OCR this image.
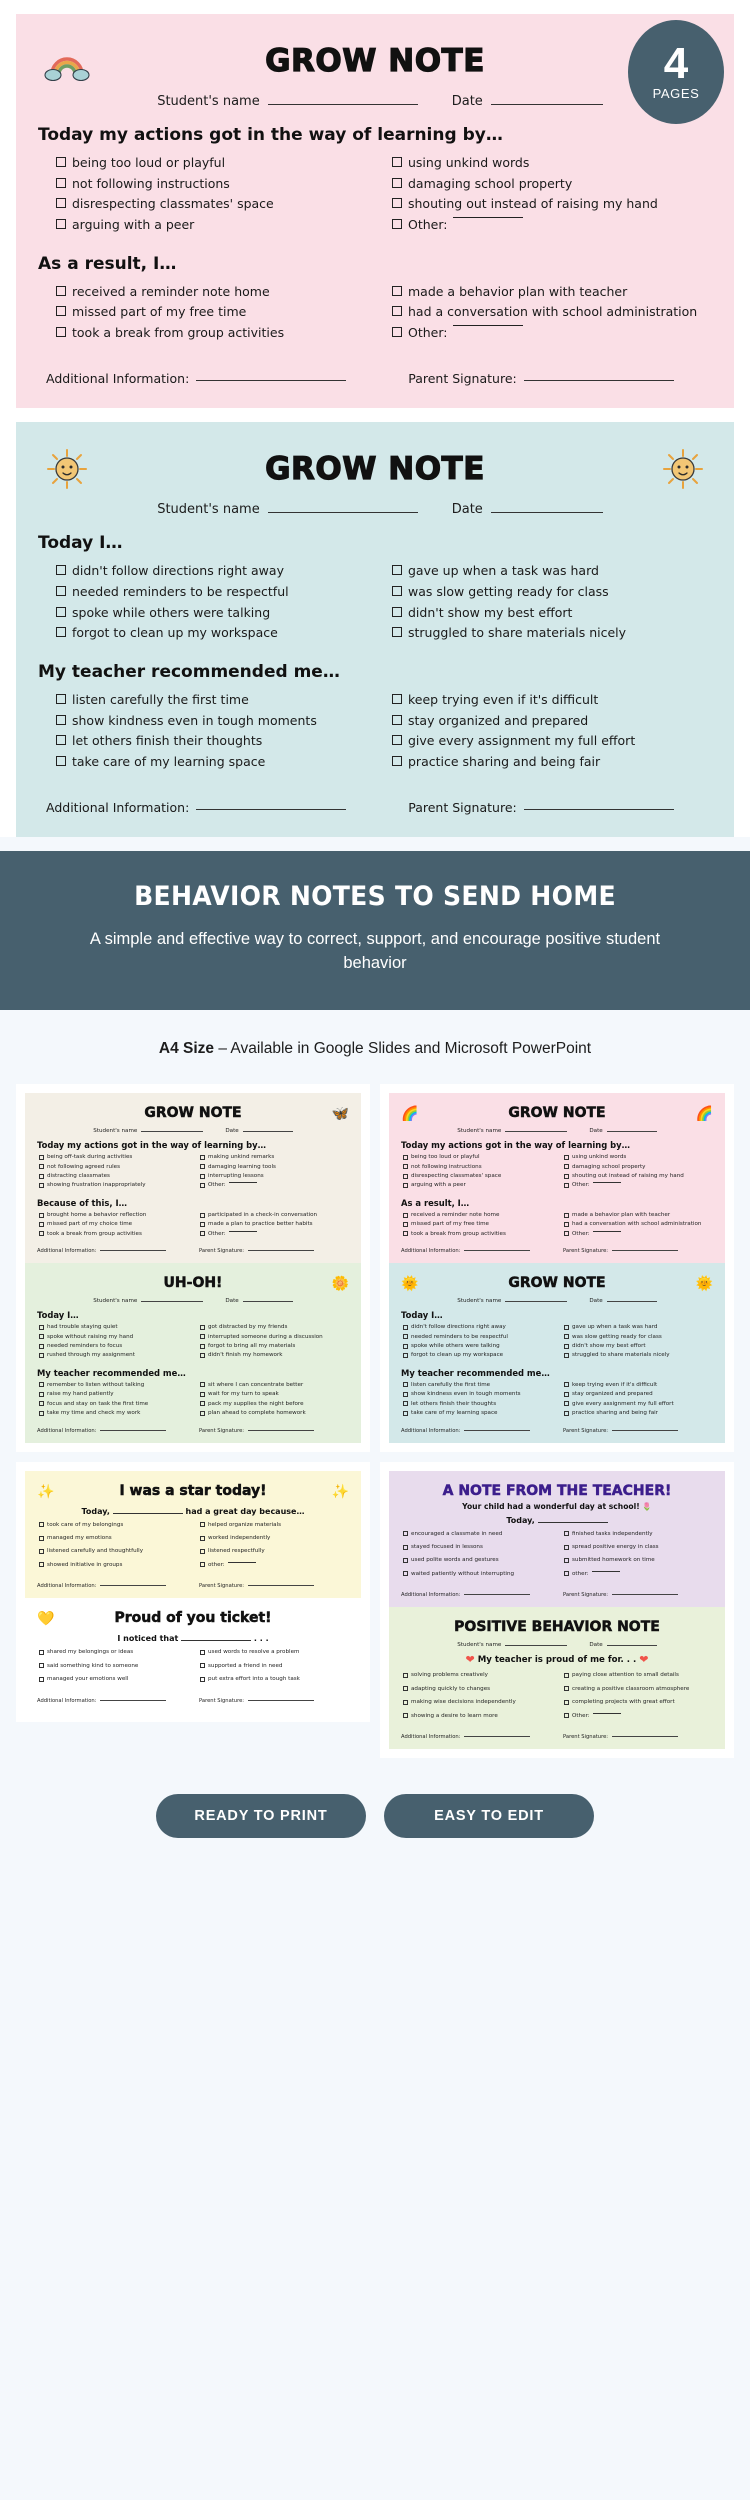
4
PAGES
GROW NOTE
Student's name	Date
Today my actions got in the way of learning by…
being too loud or playful
not following instructions
disrespecting classmates' space
arguing with a peer
using unkind words
damaging school property
shouting out instead of raising my hand
Other:
As a result, I…
received a reminder note home
missed part of my free time
took a break from group activities
made a behavior plan with teacher
had a conversation with school administration
Other:
Additional Information:	Parent Signature:
GROW NOTE
Student's name	Date
Today I…
didn't follow directions right away
needed reminders to be respectful
spoke while others were talking
forgot to clean up my workspace
gave up when a task was hard
was slow getting ready for class
didn't show my best effort
struggled to share materials nicely
My teacher recommended me…
listen carefully the first time
show kindness even in tough moments
let others finish their thoughts
take care of my learning space
keep trying even if it's difficult
stay organized and prepared
give every assignment my full effort
practice sharing and being fair
Additional Information:	Parent Signature:
BEHAVIOR NOTES TO SEND HOME

A simple and effective way to correct, support, and encourage positive student behavior

A4 Size – Available in Google Slides and Microsoft PowerPoint
GROW NOTE	🦋
Student's name	Date
Today my actions got in the way of learning by…
being off-task during activities
not following agreed rules
distracting classmates
showing frustration inappropriately
making unkind remarks
damaging learning tools
interrupting lessons
Other:
Because of this, I…
brought home a behavior reflection
missed part of my choice time
took a break from group activities
participated in a check-in conversation
made a plan to practice better habits
Other:
Additional Information:	Parent Signature:
UH-OH!	🌼
Student's name	Date
Today I…
had trouble staying quiet
spoke without raising my hand
needed reminders to focus
rushed through my assignment
got distracted by my friends
interrupted someone during a discussion
forgot to bring all my materials
didn't finish my homework
My teacher recommended me…
remember to listen without talking
raise my hand patiently
focus and stay on task the first time
take my time and check my work
sit where I can concentrate better
wait for my turn to speak
pack my supplies the night before
plan ahead to complete homework
Additional Information:	Parent Signature:
✨	I was a star today!	✨
Today,	had a great day because…
took care of my belongings
managed my emotions
listened carefully and thoughtfully
showed initiative in groups
helped organize materials
worked independently
listened respectfully
other:
Additional Information:	Parent Signature:
💛	Proud of you ticket!
I noticed that	. . .
shared my belongings or ideas
said something kind to someone
managed your emotions well
used words to resolve a problem
supported a friend in need
put extra effort into a tough task
Additional Information:	Parent Signature:
🌈	GROW NOTE	🌈
Student's name	Date
Today my actions got in the way of learning by…
being too loud or playful
not following instructions
disrespecting classmates' space
arguing with a peer
using unkind words
damaging school property
shouting out instead of raising my hand
Other:
As a result, I…
received a reminder note home
missed part of my free time
took a break from group activities
made a behavior plan with teacher
had a conversation with school administration
Other:
Additional Information:	Parent Signature:
🌞	GROW NOTE	🌞
Student's name	Date
Today I…
didn't follow directions right away
needed reminders to be respectful
spoke while others were talking
forgot to clean up my workspace
gave up when a task was hard
was slow getting ready for class
didn't show my best effort
struggled to share materials nicely
My teacher recommended me…
listen carefully the first time
show kindness even in tough moments
let others finish their thoughts
take care of my learning space
keep trying even if it's difficult
stay organized and prepared
give every assignment my full effort
practice sharing and being fair
Additional Information:	Parent Signature:
A NOTE FROM THE TEACHER!
Your child had a wonderful day at school! 🌷
Today,
encouraged a classmate in need
stayed focused in lessons
used polite words and gestures
waited patiently without interrupting
finished tasks independently
spread positive energy in class
submitted homework on time
other:
Additional Information:	Parent Signature:
POSITIVE BEHAVIOR NOTE
Student's name	Date
❤ My teacher is proud of me for. . . ❤
solving problems creatively
adapting quickly to changes
making wise decisions independently
showing a desire to learn more
paying close attention to small details
creating a positive classroom atmosphere
completing projects with great effort
Other:
Additional Information:	Parent Signature:
READY TO PRINT	EASY TO EDIT
